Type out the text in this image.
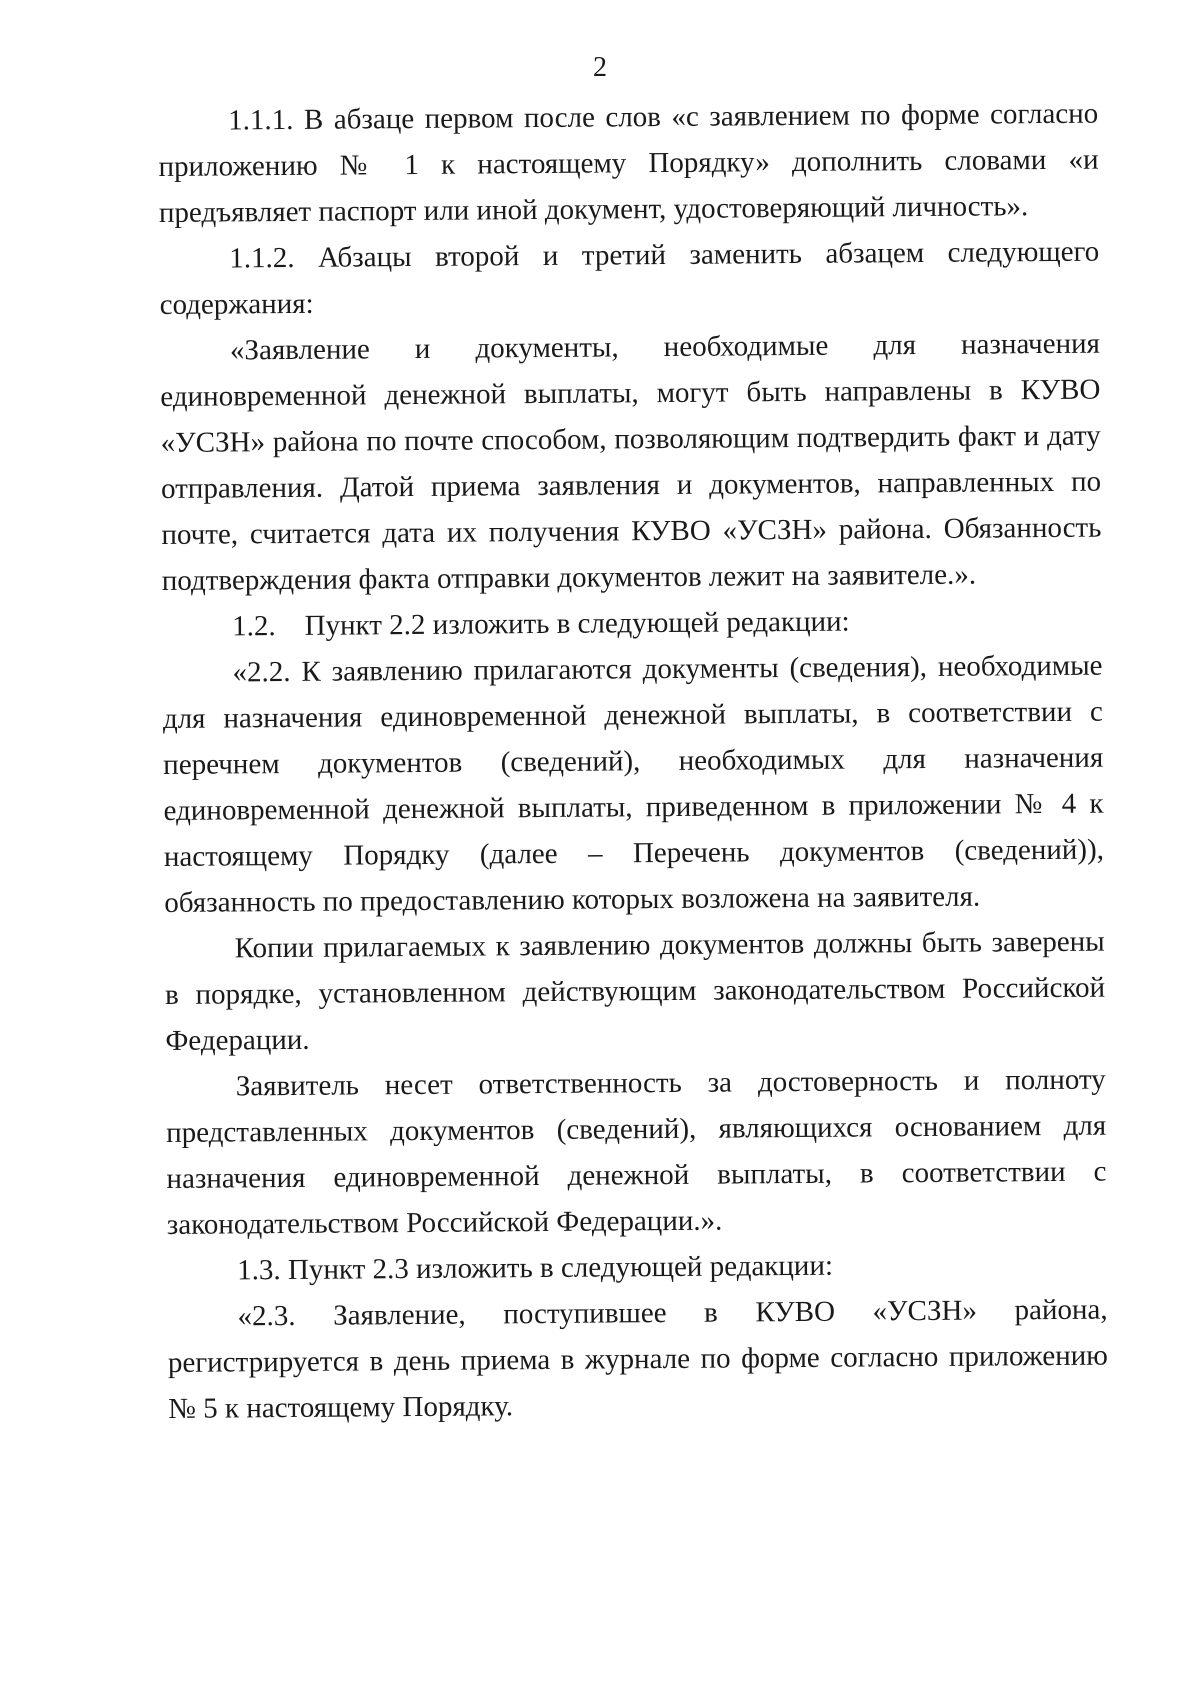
2

1.1.1. В абзаце первом после слов «с заявлением по форме согласно приложению № 1 к настоящему Порядку» дополнить словами «и предъявляет паспорт или иной документ, удостоверяющий личность».

1.1.2. Абзацы второй и третий заменить абзацем следующего содержания:

«Заявление и документы, необходимые для назначения единовременной денежной выплаты, могут быть направлены в КУВО «УСЗН» района по почте способом, позволяющим подтвердить факт и дату отправления. Датой приема заявления и документов, направленных по почте, считается дата их получения КУВО «УСЗН» района. Обязанность подтверждения факта отправки документов лежит на заявителе.».

1.2.    Пункт 2.2 изложить в следующей редакции:

«2.2. К заявлению прилагаются документы (сведения), необходимые для назначения единовременной денежной выплаты, в соответствии с перечнем документов (сведений), необходимых для назначения единовременной денежной выплаты, приведенном в приложении № 4 к настоящему Порядку (далее – Перечень документов (сведений)), обязанность по предоставлению которых возложена на заявителя.

Копии прилагаемых к заявлению документов должны быть заверены в порядке, установленном действующим законодательством Российской Федерации.

Заявитель несет ответственность за достоверность и полноту представленных документов (сведений), являющихся основанием для назначения единовременной денежной выплаты, в соответствии с законодательством Российской Федерации.».

1.3. Пункт 2.3 изложить в следующей редакции:

«2.3. Заявление, поступившее в КУВО «УСЗН» района, регистрируется в день приема в журнале по форме согласно приложению № 5 к настоящему Порядку.
